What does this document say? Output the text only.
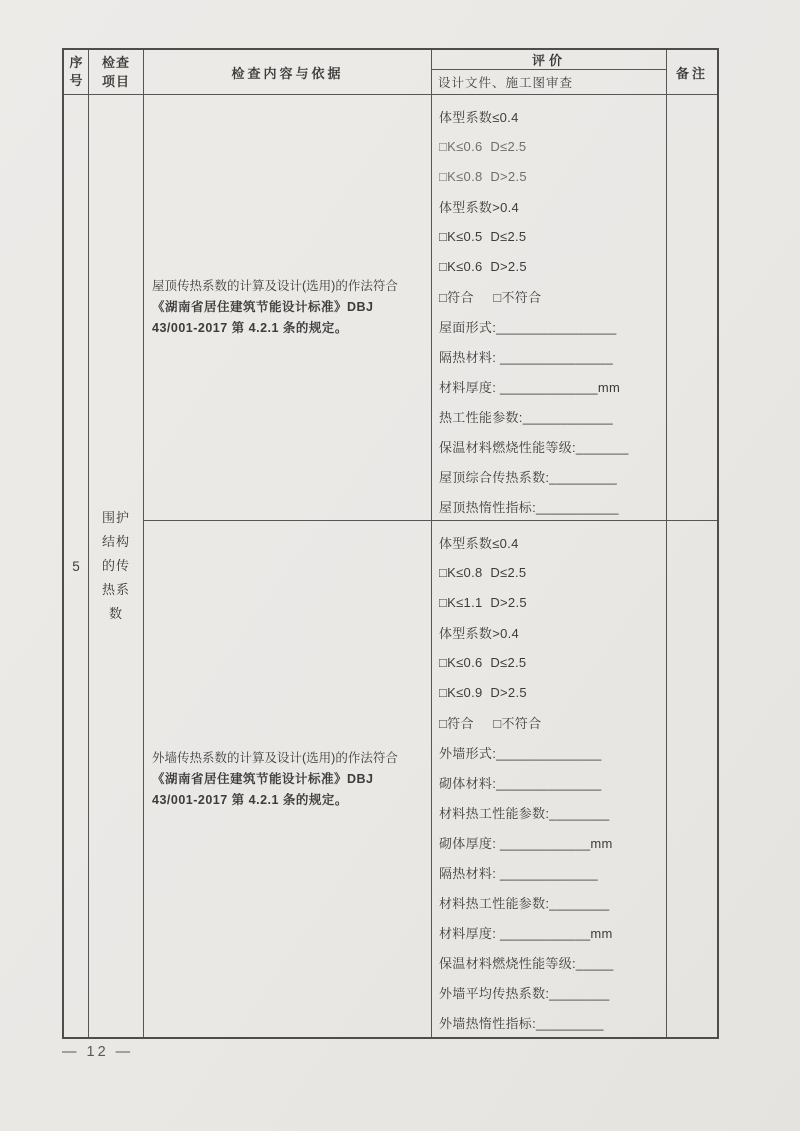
序号
检查项目
检查内容与依据
评价
设计文件、施工图审查
备注
5
围护结构的传热系数
屋顶传热系数的计算及设计(选用)的作法符合《湖南省居住建筑节能设计标准》DBJ 43/001-2017 第 4.2.1 条的规定。
体型系数≤0.4
□K≤0.6  D≤2.5
□K≤0.8  D>2.5
体型系数>0.4
□K≤0.5  D≤2.5
□K≤0.6  D>2.5
□符合     □不符合
屋面形式:________________
隔热材料: _______________
材料厚度: _____________mm
热工性能参数:____________
保温材料燃烧性能等级:_______
屋顶综合传热系数:_________
屋顶热惰性指标:___________
外墙传热系数的计算及设计(选用)的作法符合《湖南省居住建筑节能设计标准》DBJ 43/001-2017 第 4.2.1 条的规定。
体型系数≤0.4
□K≤0.8  D≤2.5
□K≤1.1  D>2.5
体型系数>0.4
□K≤0.6  D≤2.5
□K≤0.9  D>2.5
□符合     □不符合
外墙形式:______________
砌体材料:______________
材料热工性能参数:________
砌体厚度: ____________mm
隔热材料: _____________
材料热工性能参数:________
材料厚度: ____________mm
保温材料燃烧性能等级:_____
外墙平均传热系数:________
外墙热惰性指标:_________
— 12 —
